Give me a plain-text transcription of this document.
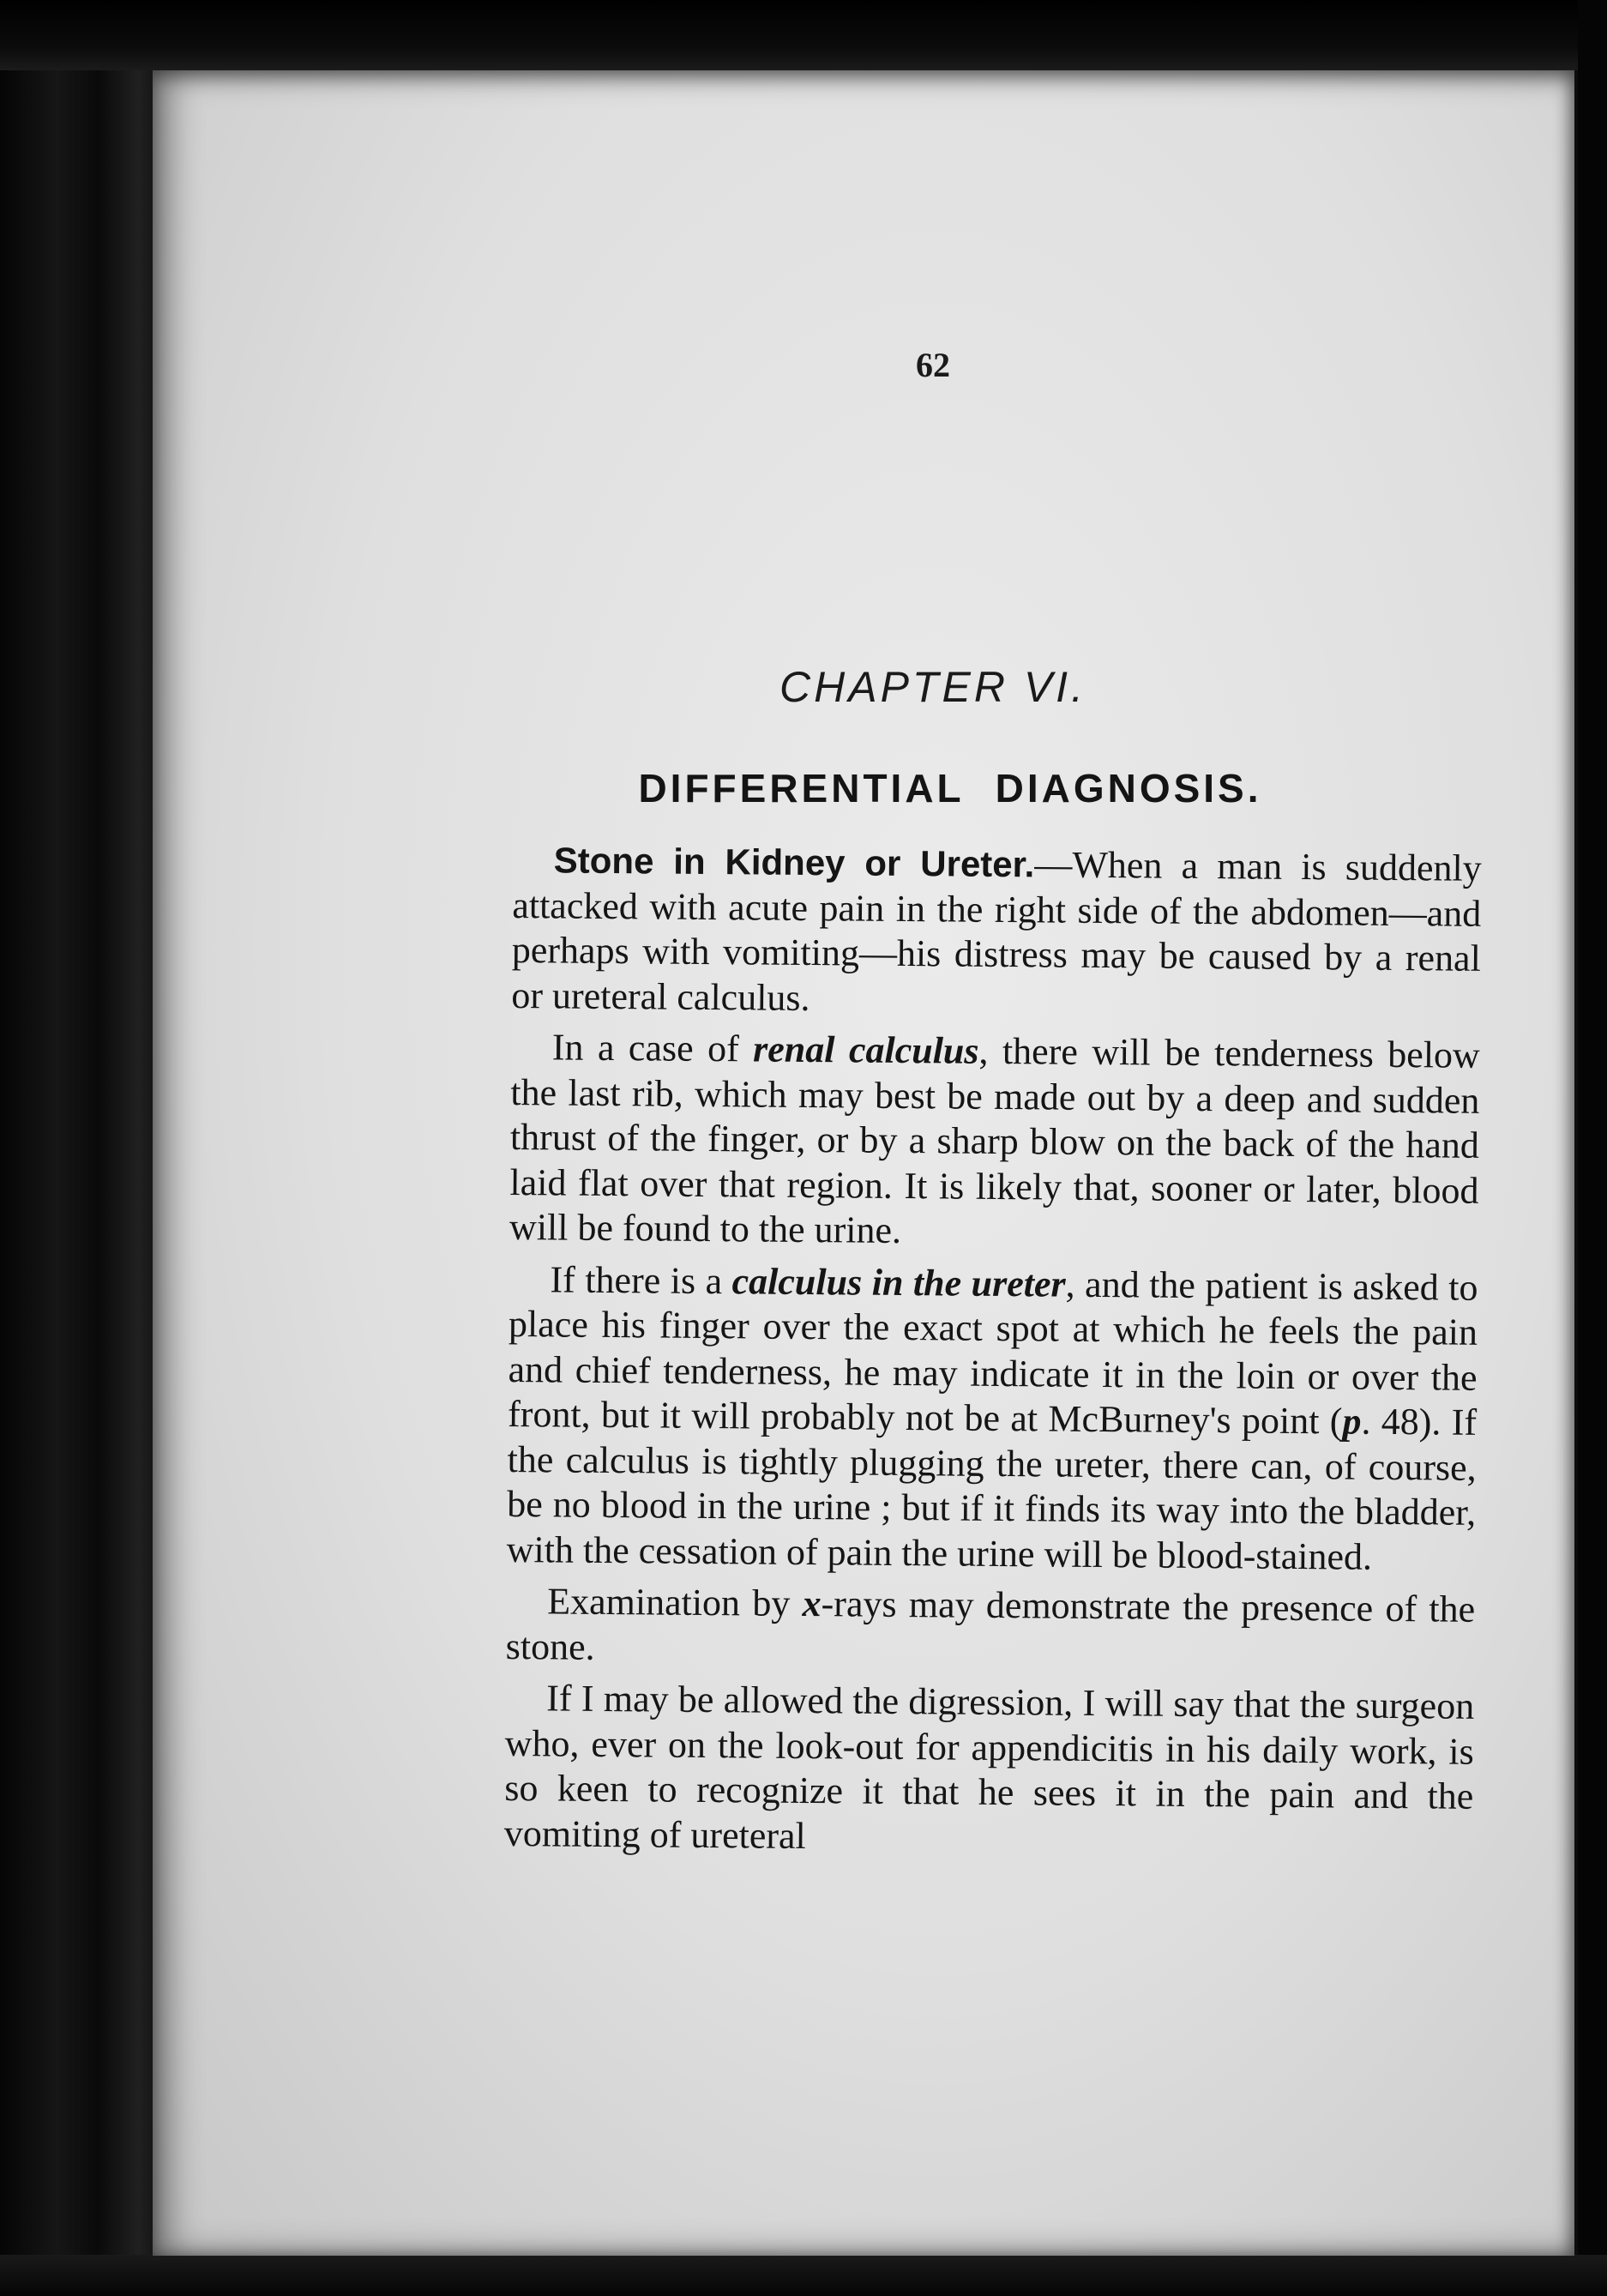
62
CHAPTER VI.
DIFFERENTIAL DIAGNOSIS.

Stone in Kidney or Ureter.—When a man is suddenly attacked with acute pain in the right side of the abdomen—and perhaps with vomiting—his distress may be caused by a renal or ureteral calculus.

In a case of renal calculus, there will be tenderness below the last rib, which may best be made out by a deep and sudden thrust of the finger, or by a sharp blow on the back of the hand laid flat over that region. It is likely that, sooner or later, blood will be found to the urine.

If there is a calculus in the ureter, and the patient is asked to place his finger over the exact spot at which he feels the pain and chief tenderness, he may indicate it in the loin or over the front, but it will probably not be at McBurney's point (p. 48). If the calculus is tightly plugging the ureter, there can, of course, be no blood in the urine ; but if it finds its way into the bladder, with the cessation of pain the urine will be blood-stained.

Examination by x-rays may demonstrate the presence of the stone.

If I may be allowed the digression, I will say that the surgeon who, ever on the look-out for appendicitis in his daily work, is so keen to recognize it that he sees it in the pain and the vomiting of ureteral
